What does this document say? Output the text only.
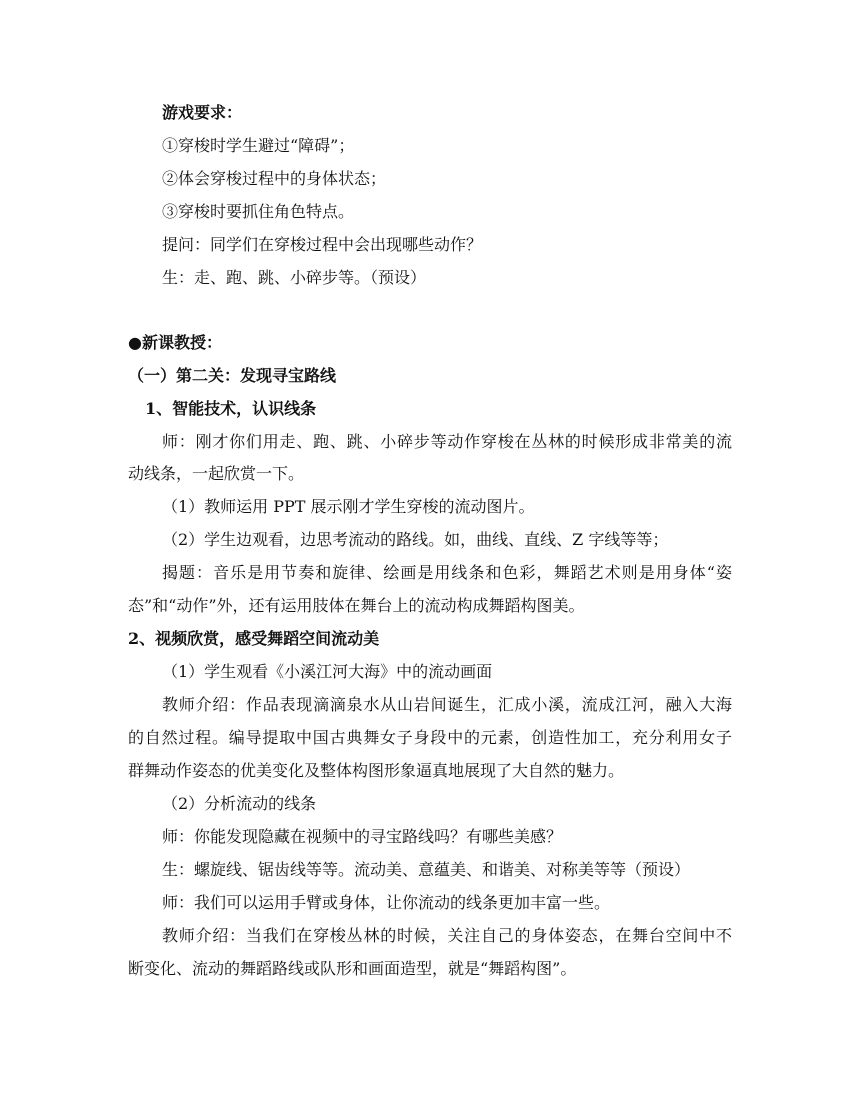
游戏要求：
①穿梭时学生避过“障碍”；
②体会穿梭过程中的身体状态；
③穿梭时要抓住角色特点。
提问：同学们在穿梭过程中会出现哪些动作？
生：走、跑、跳、小碎步等。（预设）
●新课教授：
（一）第二关：发现寻宝路线
1、智能技术，认识线条
师：刚才你们用走、跑、跳、小碎步等动作穿梭在丛林的时候形成非常美的流
动线条，一起欣赏一下。
（1）教师运用 PPT 展示刚才学生穿梭的流动图片。
（2）学生边观看，边思考流动的路线。如，曲线、直线、Z 字线等等；
揭题：音乐是用节奏和旋律、绘画是用线条和色彩，舞蹈艺术则是用身体“姿
态”和“动作”外，还有运用肢体在舞台上的流动构成舞蹈构图美。
2、视频欣赏，感受舞蹈空间流动美
（1）学生观看《小溪江河大海》中的流动画面
教师介绍：作品表现滴滴泉水从山岩间诞生，汇成小溪，流成江河，融入大海
的自然过程。编导提取中国古典舞女子身段中的元素，创造性加工，充分利用女子
群舞动作姿态的优美变化及整体构图形象逼真地展现了大自然的魅力。
（2）分析流动的线条
师：你能发现隐藏在视频中的寻宝路线吗？有哪些美感？
生：螺旋线、锯齿线等等。流动美、意蕴美、和谐美、对称美等等（预设）
师：我们可以运用手臂或身体，让你流动的线条更加丰富一些。
教师介绍：当我们在穿梭丛林的时候，关注自己的身体姿态，在舞台空间中不
断变化、流动的舞蹈路线或队形和画面造型，就是“舞蹈构图”。
